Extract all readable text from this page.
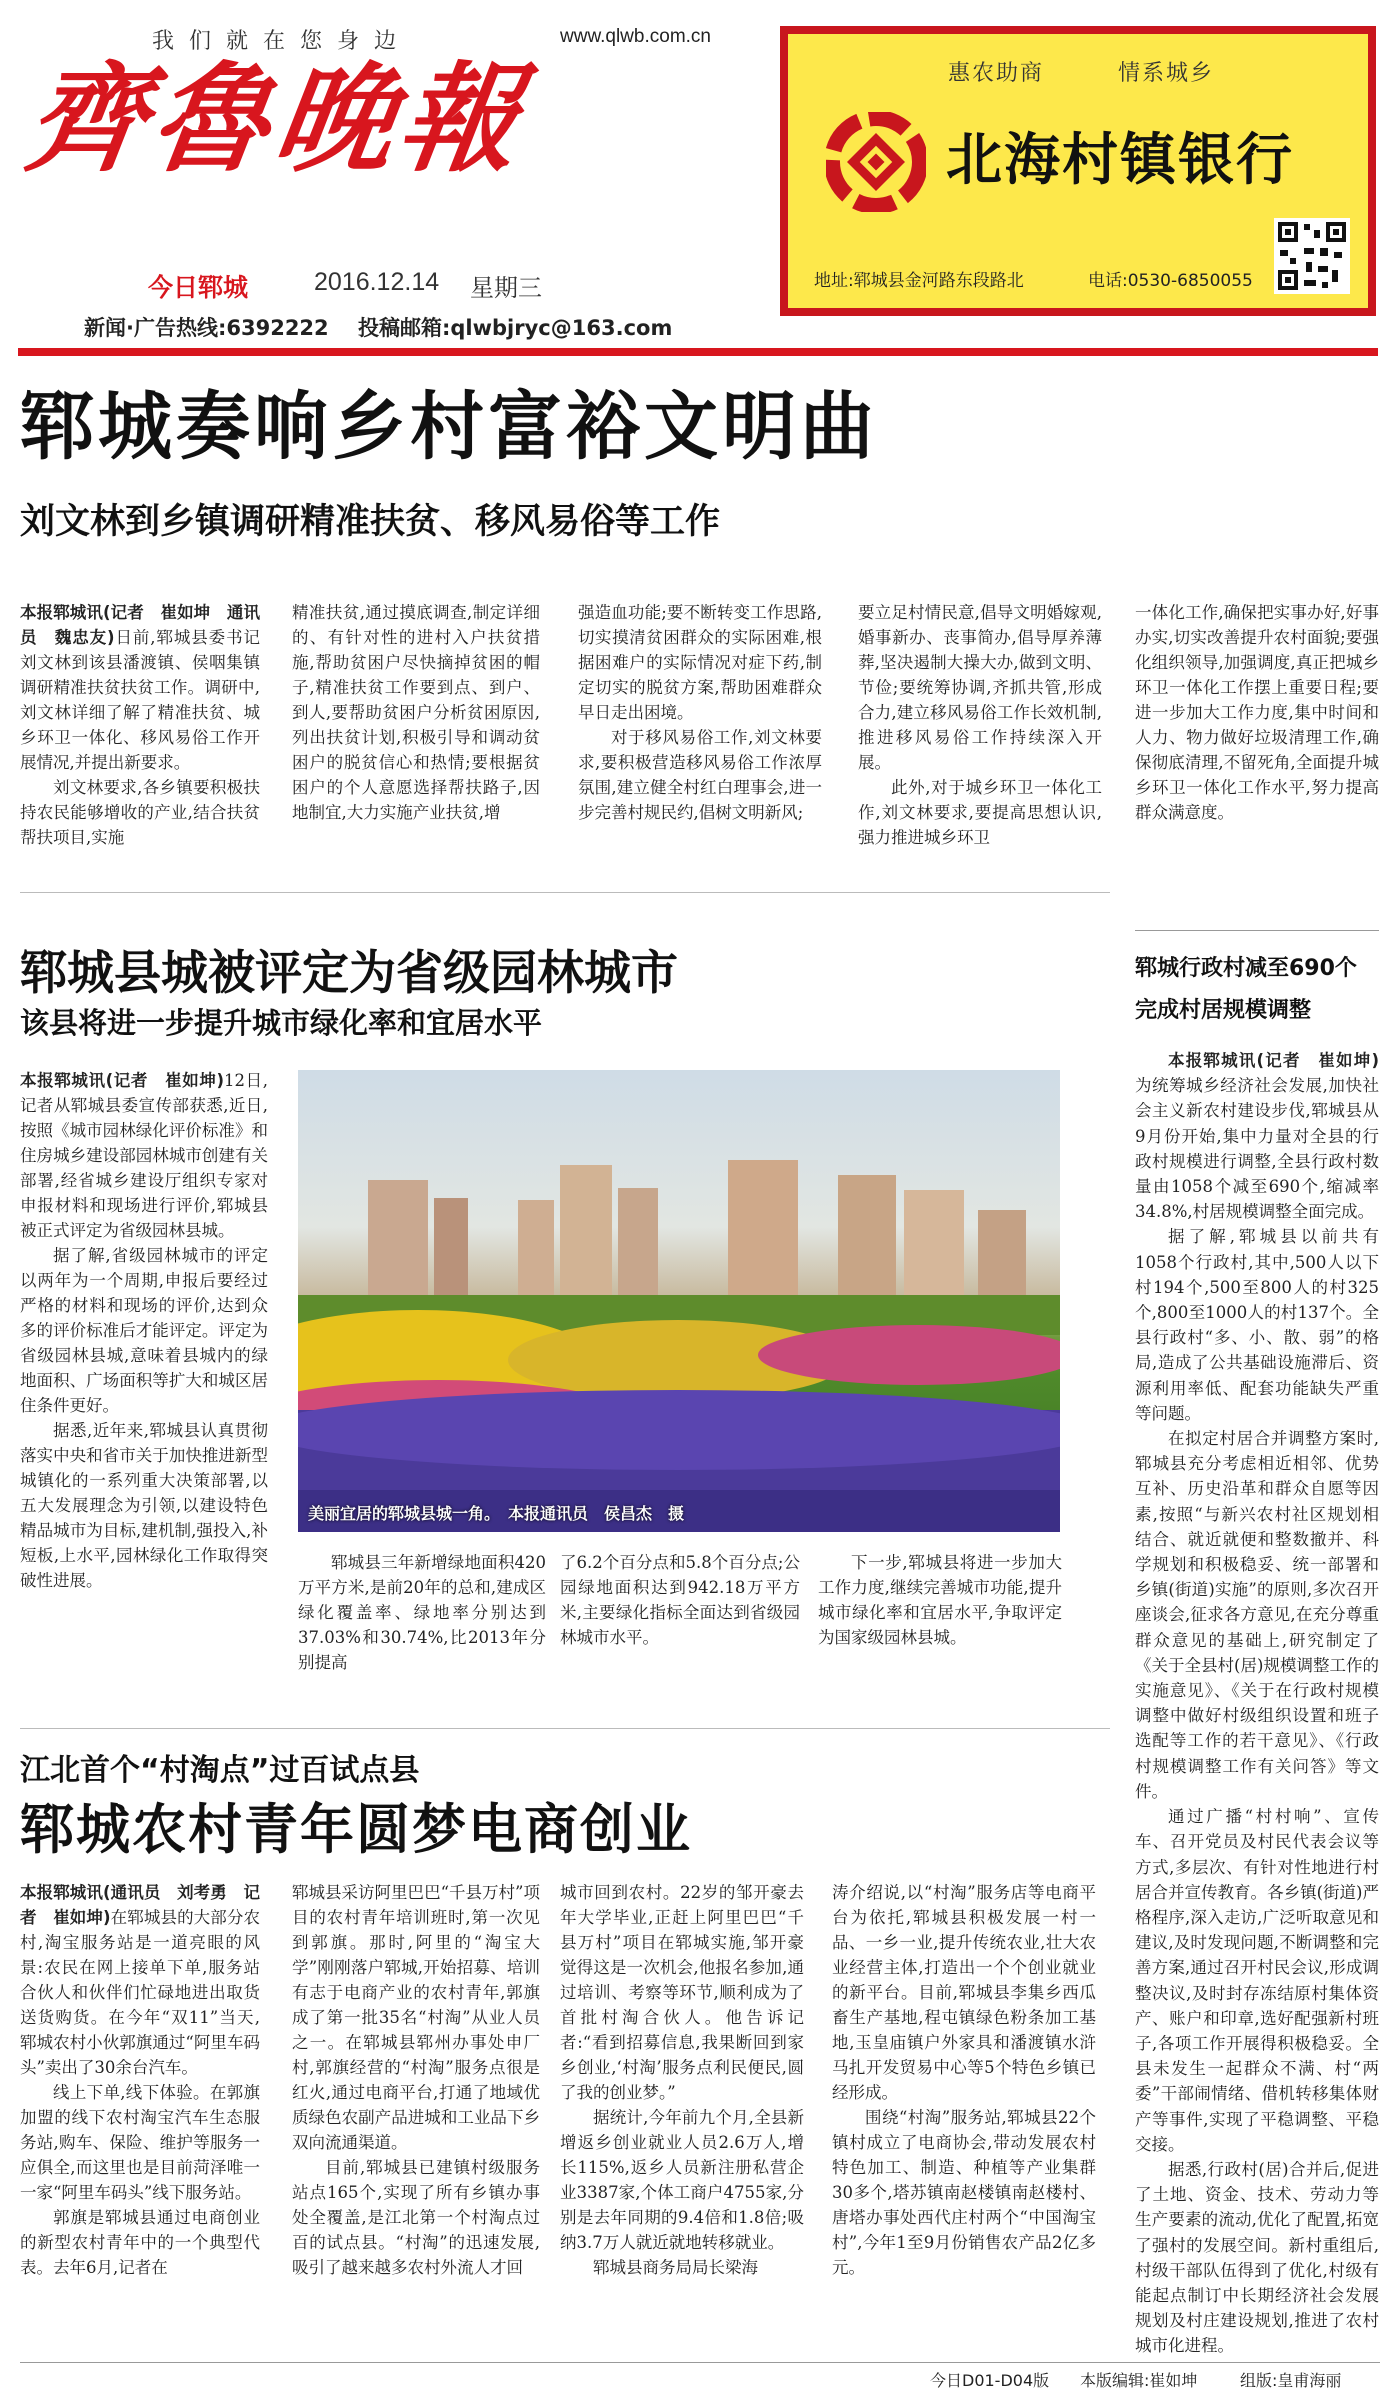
我们就在您身边	www.qlwb.com.cn
齊魯晚報
今日郓城	2016.12.14 星期三
新闻·广告热线:6392222 投稿邮箱:qlwbjryc@163.com
惠农助商	情系城乡
北海村镇银行
地址:郓城县金河路东段路北	电话:0530-6850055
郓城奏响乡村富裕文明曲
刘文林到乡镇调研精准扶贫、移风易俗等工作

本报郓城讯(记者　崔如坤　通讯员　魏忠友)日前,郓城县委书记刘文林到该县潘渡镇、侯咽集镇调研精准扶贫扶贫工作。调研中,刘文林详细了解了精准扶贫、城乡环卫一体化、移风易俗工作开展情况,并提出新要求。

刘文林要求,各乡镇要积极扶持农民能够增收的产业,结合扶贫帮扶项目,实施

精准扶贫,通过摸底调查,制定详细的、有针对性的进村入户扶贫措施,帮助贫困户尽快摘掉贫困的帽子,精准扶贫工作要到点、到户、到人,要帮助贫困户分析贫困原因,列出扶贫计划,积极引导和调动贫困户的脱贫信心和热情;要根据贫困户的个人意愿选择帮扶路子,因地制宜,大力实施产业扶贫,增

强造血功能;要不断转变工作思路,切实摸清贫困群众的实际困难,根据困难户的实际情况对症下药,制定切实的脱贫方案,帮助困难群众早日走出困境。

对于移风易俗工作,刘文林要求,要积极营造移风易俗工作浓厚氛围,建立健全村红白理事会,进一步完善村规民约,倡树文明新风;

要立足村情民意,倡导文明婚嫁观,婚事新办、丧事简办,倡导厚养薄葬,坚决遏制大操大办,做到文明、节俭;要统筹协调,齐抓共管,形成合力,建立移风易俗工作长效机制,推进移风易俗工作持续深入开展。

此外,对于城乡环卫一体化工作,刘文林要求,要提高思想认识,强力推进城乡环卫

一体化工作,确保把实事办好,好事办实,切实改善提升农村面貌;要强化组织领导,加强调度,真正把城乡环卫一体化工作摆上重要日程;要进一步加大工作力度,集中时间和人力、物力做好垃圾清理工作,确保彻底清理,不留死角,全面提升城乡环卫一体化工作水平,努力提高群众满意度。

郓城县城被评定为省级园林城市
该县将进一步提升城市绿化率和宜居水平

本报郓城讯(记者　崔如坤)12日,记者从郓城县委宣传部获悉,近日,按照《城市园林绿化评价标准》和住房城乡建设部园林城市创建有关部署,经省城乡建设厅组织专家对申报材料和现场进行评价,郓城县被正式评定为省级园林县城。

据了解,省级园林城市的评定以两年为一个周期,申报后要经过严格的材料和现场的评价,达到众多的评价标准后才能评定。评定为省级园林县城,意味着县城内的绿地面积、广场面积等扩大和城区居住条件更好。

据悉,近年来,郓城县认真贯彻落实中央和省市关于加快推进新型城镇化的一系列重大决策部署,以五大发展理念为引领,以建设特色精品城市为目标,建机制,强投入,补短板,上水平,园林绿化工作取得突破性进展。

美丽宜居的郓城县城一角。　本报通讯员　侯昌杰　摄

郓城县三年新增绿地面积420万平方米,是前20年的总和,建成区绿化覆盖率、绿地率分别达到37.03%和30.74%,比2013年分别提高

了6.2个百分点和5.8个百分点;公园绿地面积达到942.18万平方米,主要绿化指标全面达到省级园林城市水平。

下一步,郓城县将进一步加大工作力度,继续完善城市功能,提升城市绿化率和宜居水平,争取评定为国家级园林县城。

江北首个“村淘点”过百试点县
郓城农村青年圆梦电商创业

本报郓城讯(通讯员　刘考勇　记者　崔如坤)在郓城县的大部分农村,淘宝服务站是一道亮眼的风景:农民在网上接单下单,服务站合伙人和伙伴们忙碌地进出取货送货购货。在今年“双11”当天,郓城农村小伙郭旗通过“阿里车码头”卖出了30余台汽车。

线上下单,线下体验。在郭旗加盟的线下农村淘宝汽车生态服务站,购车、保险、维护等服务一应俱全,而这里也是目前菏泽唯一一家“阿里车码头”线下服务站。

郭旗是郓城县通过电商创业的新型农村青年中的一个典型代表。去年6月,记者在

郓城县采访阿里巴巴“千县万村”项目的农村青年培训班时,第一次见到郭旗。那时,阿里的“淘宝大学”刚刚落户郓城,开始招募、培训有志于电商产业的农村青年,郭旗成了第一批35名“村淘”从业人员之一。在郓城县郓州办事处申厂村,郭旗经营的“村淘”服务点很是红火,通过电商平台,打通了地域优质绿色农副产品进城和工业品下乡双向流通渠道。

目前,郓城县已建镇村级服务站点165个,实现了所有乡镇办事处全覆盖,是江北第一个村淘点过百的试点县。“村淘”的迅速发展,吸引了越来越多农村外流人才回

城市回到农村。22岁的邹开豪去年大学毕业,正赶上阿里巴巴“千县万村”项目在郓城实施,邹开豪觉得这是一次机会,他报名参加,通过培训、考察等环节,顺利成为了首批村淘合伙人。他告诉记者:“看到招募信息,我果断回到家乡创业,‘村淘’服务点利民便民,圆了我的创业梦。”

据统计,今年前九个月,全县新增返乡创业就业人员2.6万人,增长115%,返乡人员新注册私营企业3387家,个体工商户4755家,分别是去年同期的9.4倍和1.8倍;吸纳3.7万人就近就地转移就业。

郓城县商务局局长梁海

涛介绍说,以“村淘”服务店等电商平台为依托,郓城县积极发展一村一品、一乡一业,提升传统农业,壮大农业经营主体,打造出一个个创业就业的新平台。目前,郓城县李集乡西瓜畜生产基地,程屯镇绿色粉条加工基地,玉皇庙镇户外家具和潘渡镇水浒马扎开发贸易中心等5个特色乡镇已经形成。

围绕“村淘”服务站,郓城县22个镇村成立了电商协会,带动发展农村特色加工、制造、种植等产业集群30多个,塔苏镇南赵楼镇南赵楼村、唐塔办事处西代庄村两个“中国淘宝村”,今年1至9月份销售农产品2亿多元。

郓城行政村减至690个
完成村居规模调整

本报郓城讯(记者　崔如坤)为统筹城乡经济社会发展,加快社会主义新农村建设步伐,郓城县从9月份开始,集中力量对全县的行政村规模进行调整,全县行政村数量由1058个减至690个,缩减率34.8%,村居规模调整全面完成。

据了解,郓城县以前共有1058个行政村,其中,500人以下村194个,500至800人的村325个,800至1000人的村137个。全县行政村“多、小、散、弱”的格局,造成了公共基础设施滞后、资源利用率低、配套功能缺失严重等问题。

在拟定村居合并调整方案时,郓城县充分考虑相近相邻、优势互补、历史沿革和群众自愿等因素,按照“与新兴农村社区规划相结合、就近就便和整数撤并、科学规划和积极稳妥、统一部署和乡镇(街道)实施”的原则,多次召开座谈会,征求各方意见,在充分尊重群众意见的基础上,研究制定了《关于全县村(居)规模调整工作的实施意见》、《关于在行政村规模调整中做好村级组织设置和班子选配等工作的若干意见》、《行政村规模调整工作有关问答》等文件。

通过广播“村村响”、宣传车、召开党员及村民代表会议等方式,多层次、有针对性地进行村居合并宣传教育。各乡镇(街道)严格程序,深入走访,广泛听取意见和建议,及时发现问题,不断调整和完善方案,通过召开村民会议,形成调整决议,及时封存冻结原村集体资产、账户和印章,选好配强新村班子,各项工作开展得积极稳妥。全县未发生一起群众不满、村“两委”干部闹情绪、借机转移集体财产等事件,实现了平稳调整、平稳交接。

据悉,行政村(居)合并后,促进了土地、资金、技术、劳动力等生产要素的流动,优化了配置,拓宽了强村的发展空间。新村重组后,村级干部队伍得到了优化,村级有能起点制订中长期经济社会发展规划及村庄建设规划,推进了农村城市化进程。

今日D01-D04版 本版编辑:崔如坤	组版:皇甫海丽
